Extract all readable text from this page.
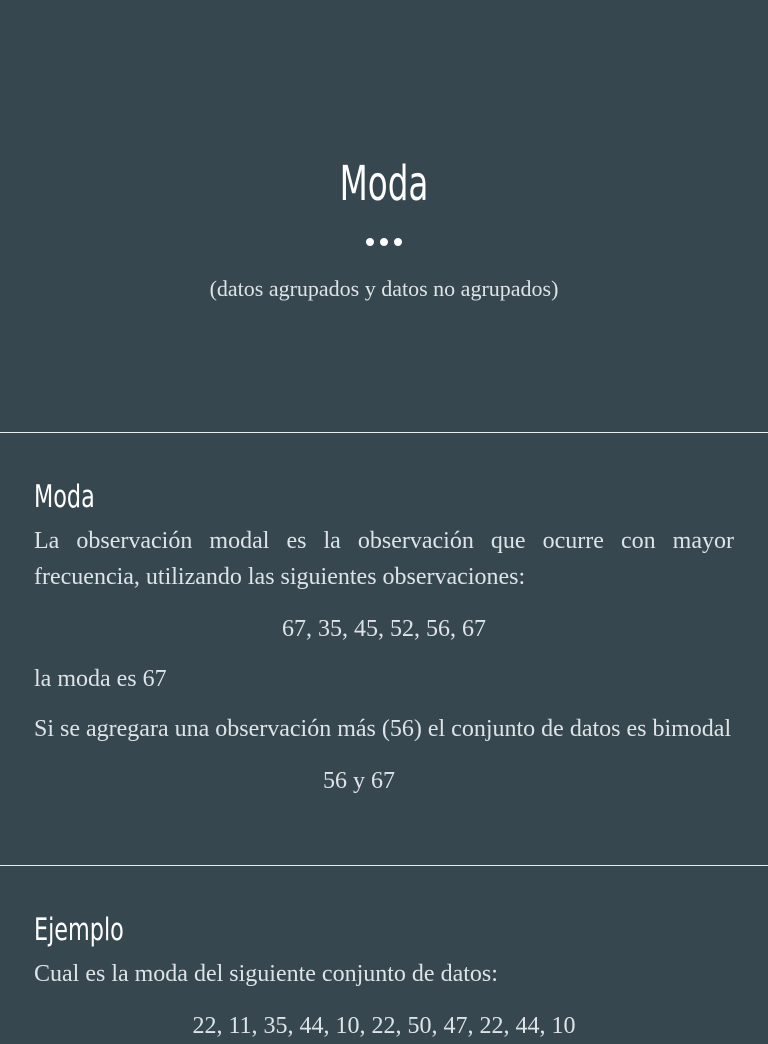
Moda
(datos agrupados y datos no agrupados)
Moda

La observación modal es la observación que ocurre con mayor frecuencia, utilizando las siguientes observaciones:

67, 35, 45, 52, 56, 67

la moda es 67

Si se agregara una observación más (56) el conjunto de datos es bimodal

56 y 67

Ejemplo

Cual es la moda del siguiente conjunto de datos:

22, 11, 35, 44, 10, 22, 50, 47, 22, 44, 10
